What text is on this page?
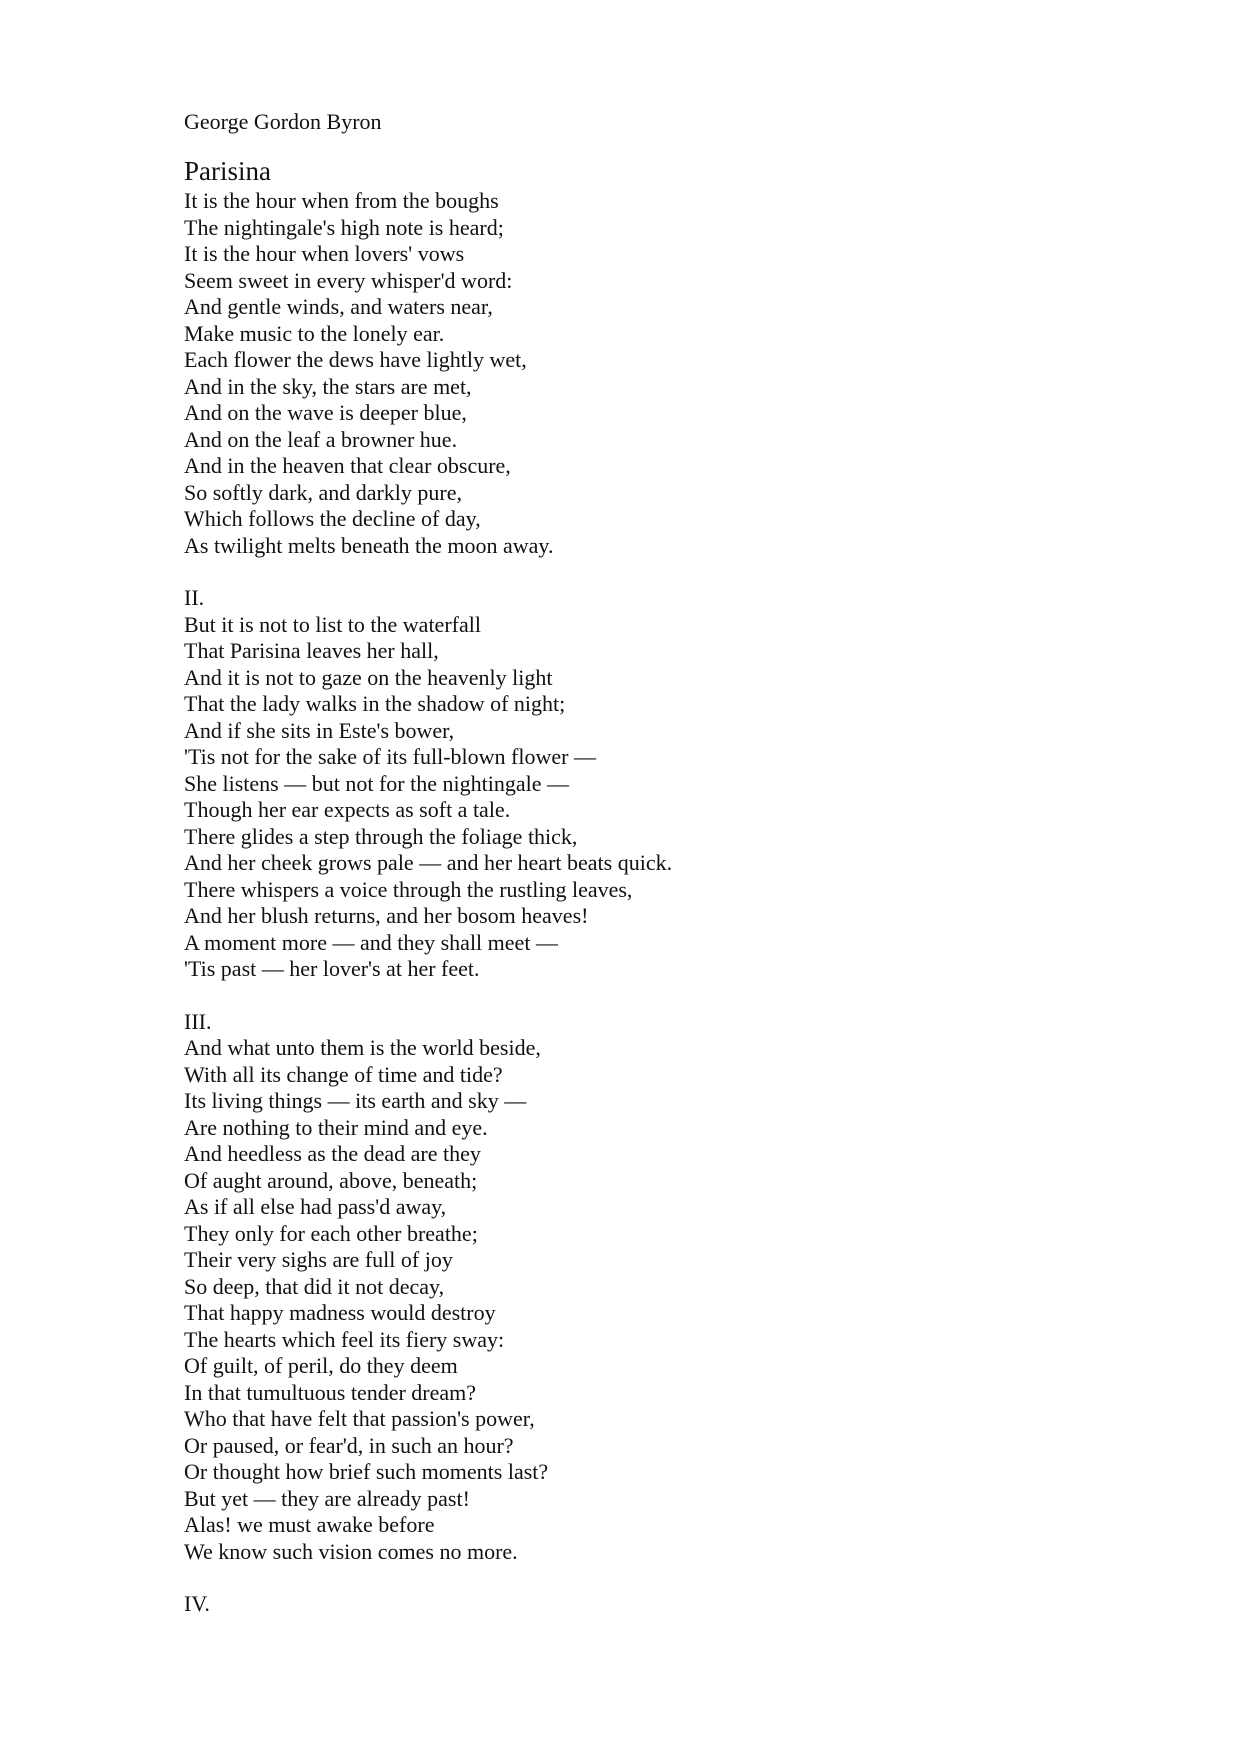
George Gordon Byron
Parisina
It is the hour when from the boughs
The nightingale's high note is heard;
It is the hour when lovers' vows
Seem sweet in every whisper'd word:
And gentle winds, and waters near,
Make music to the lonely ear.
Each flower the dews have lightly wet,
And in the sky, the stars are met,
And on the wave is deeper blue,
And on the leaf a browner hue.
And in the heaven that clear obscure,
So softly dark, and darkly pure,
Which follows the decline of day,
As twilight melts beneath the moon away.
II.
But it is not to list to the waterfall
That Parisina leaves her hall,
And it is not to gaze on the heavenly light
That the lady walks in the shadow of night;
And if she sits in Este's bower,
'Tis not for the sake of its full-blown flower —
She listens — but not for the nightingale —
Though her ear expects as soft a tale.
There glides a step through the foliage thick,
And her cheek grows pale — and her heart beats quick.
There whispers a voice through the rustling leaves,
And her blush returns, and her bosom heaves!
A moment more — and they shall meet —
'Tis past — her lover's at her feet.
III.
And what unto them is the world beside,
With all its change of time and tide?
Its living things — its earth and sky —
Are nothing to their mind and eye.
And heedless as the dead are they
Of aught around, above, beneath;
As if all else had pass'd away,
They only for each other breathe;
Their very sighs are full of joy
So deep, that did it not decay,
That happy madness would destroy
The hearts which feel its fiery sway:
Of guilt, of peril, do they deem
In that tumultuous tender dream?
Who that have felt that passion's power,
Or paused, or fear'd, in such an hour?
Or thought how brief such moments last?
But yet — they are already past!
Alas! we must awake before
We know such vision comes no more.
IV.
